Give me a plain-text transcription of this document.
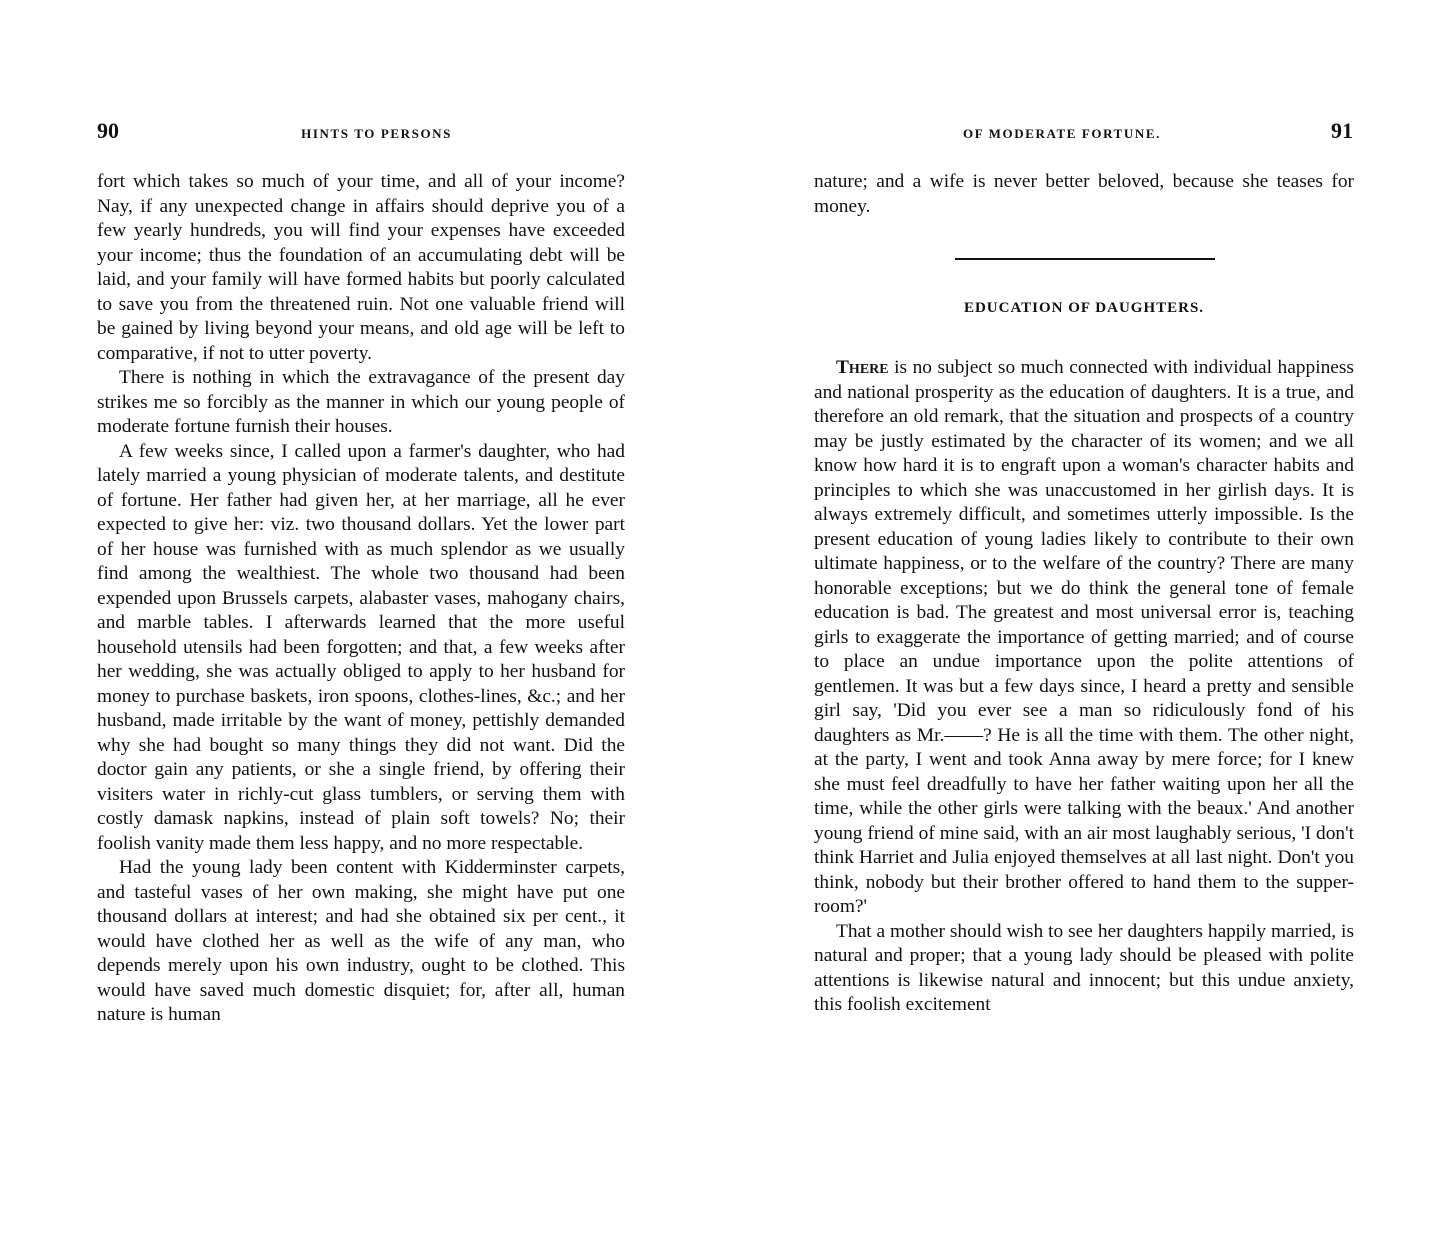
90	HINTS TO PERSONS

fort which takes so much of your time, and all of your income? Nay, if any unexpected change in affairs should deprive you of a few yearly hundreds, you will find your expenses have exceeded your income; thus the foundation of an accumulating debt will be laid, and your family will have formed habits but poorly calculated to save you from the threatened ruin. Not one valuable friend will be gained by living beyond your means, and old age will be left to comparative, if not to utter poverty.

There is nothing in which the extravagance of the present day strikes me so forcibly as the manner in which our young people of moderate fortune furnish their houses.

A few weeks since, I called upon a farmer's daughter, who had lately married a young physician of moderate talents, and destitute of fortune. Her father had given her, at her marriage, all he ever expected to give her: viz. two thousand dollars. Yet the lower part of her house was furnished with as much splendor as we usually find among the wealthiest. The whole two thousand had been expended upon Brussels carpets, alabaster vases, mahogany chairs, and marble tables. I afterwards learned that the more useful household utensils had been forgotten; and that, a few weeks after her wedding, she was actually obliged to apply to her husband for money to purchase baskets, iron spoons, clothes-lines, &c.; and her husband, made irritable by the want of money, pettishly demanded why she had bought so many things they did not want. Did the doctor gain any patients, or she a single friend, by offering their visiters water in richly-cut glass tumblers, or serving them with costly damask napkins, instead of plain soft towels? No; their foolish vanity made them less happy, and no more respectable.

Had the young lady been content with Kidderminster carpets, and tasteful vases of her own making, she might have put one thousand dollars at interest; and had she obtained six per cent., it would have clothed her as well as the wife of any man, who depends merely upon his own industry, ought to be clothed. This would have saved much domestic disquiet; for, after all, human nature is human

OF MODERATE FORTUNE.	91

nature; and a wife is never better beloved, because she teases for money.

EDUCATION OF DAUGHTERS.

There is no subject so much connected with individual happiness and national prosperity as the education of daughters. It is a true, and therefore an old remark, that the situation and prospects of a country may be justly estimated by the character of its women; and we all know how hard it is to engraft upon a woman's character habits and principles to which she was unaccustomed in her girlish days. It is always extremely difficult, and sometimes utterly impossible. Is the present education of young ladies likely to contribute to their own ultimate happiness, or to the welfare of the country? There are many honorable exceptions; but we do think the general tone of female education is bad. The greatest and most universal error is, teaching girls to exaggerate the importance of getting married; and of course to place an undue importance upon the polite attentions of gentlemen. It was but a few days since, I heard a pretty and sensible girl say, 'Did you ever see a man so ridiculously fond of his daughters as Mr.——? He is all the time with them. The other night, at the party, I went and took Anna away by mere force; for I knew she must feel dreadfully to have her father waiting upon her all the time, while the other girls were talking with the beaux.' And another young friend of mine said, with an air most laughably serious, 'I don't think Harriet and Julia enjoyed themselves at all last night. Don't you think, nobody but their brother offered to hand them to the supper-room?'

That a mother should wish to see her daughters happily married, is natural and proper; that a young lady should be pleased with polite attentions is likewise natural and innocent; but this undue anxiety, this foolish excitement
